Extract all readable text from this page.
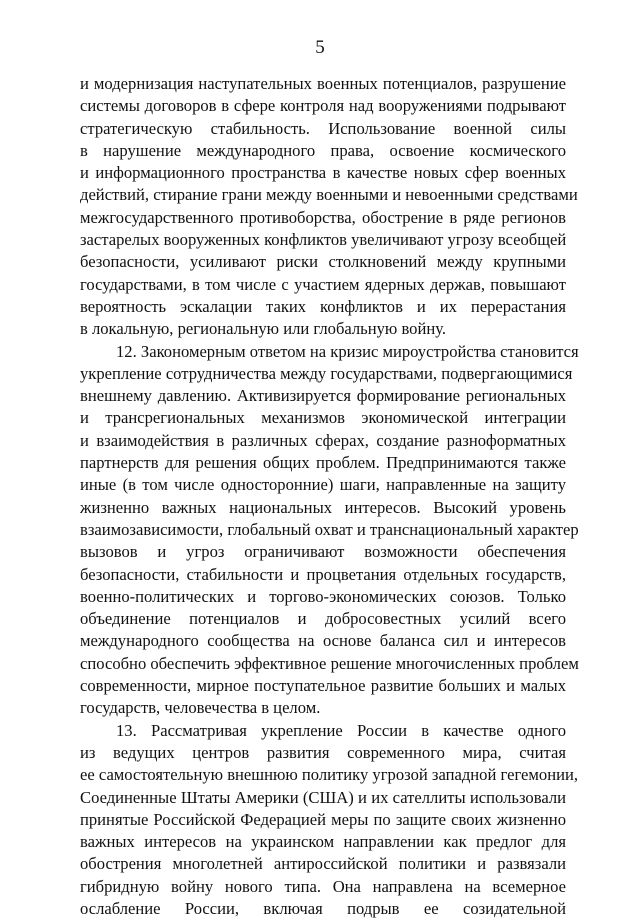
5
и модернизация наступательных военных потенциалов, разрушение
системы договоров в сфере контроля над вооружениями подрывают
стратегическую стабильность. Использование военной силы
в нарушение международного права, освоение космического
и информационного пространства в качестве новых сфер военных
действий, стирание грани между военными и невоенными средствами
межгосударственного противоборства, обострение в ряде регионов
застарелых вооруженных конфликтов увеличивают угрозу всеобщей
безопасности, усиливают риски столкновений между крупными
государствами, в том числе с участием ядерных держав, повышают
вероятность эскалации таких конфликтов и их перерастания
в локальную, региональную или глобальную войну.
12. Закономерным ответом на кризис мироустройства становится
укрепление сотрудничества между государствами, подвергающимися
внешнему давлению. Активизируется формирование региональных
и трансрегиональных механизмов экономической интеграции
и взаимодействия в различных сферах, создание разноформатных
партнерств для решения общих проблем. Предпринимаются также
иные (в том числе односторонние) шаги, направленные на защиту
жизненно важных национальных интересов. Высокий уровень
взаимозависимости, глобальный охват и транснациональный характер
вызовов и угроз ограничивают возможности обеспечения
безопасности, стабильности и процветания отдельных государств,
военно-политических и торгово-экономических союзов. Только
объединение потенциалов и добросовестных усилий всего
международного сообщества на основе баланса сил и интересов
способно обеспечить эффективное решение многочисленных проблем
современности, мирное поступательное развитие больших и малых
государств, человечества в целом.
13. Рассматривая укрепление России в качестве одного
из ведущих центров развития современного мира, считая
ее самостоятельную внешнюю политику угрозой западной гегемонии,
Соединенные Штаты Америки (США) и их сателлиты использовали
принятые Российской Федерацией меры по защите своих жизненно
важных интересов на украинском направлении как предлог для
обострения многолетней антироссийской политики и развязали
гибридную войну нового типа. Она направлена на всемерное
ослабление России, включая подрыв ее созидательной
